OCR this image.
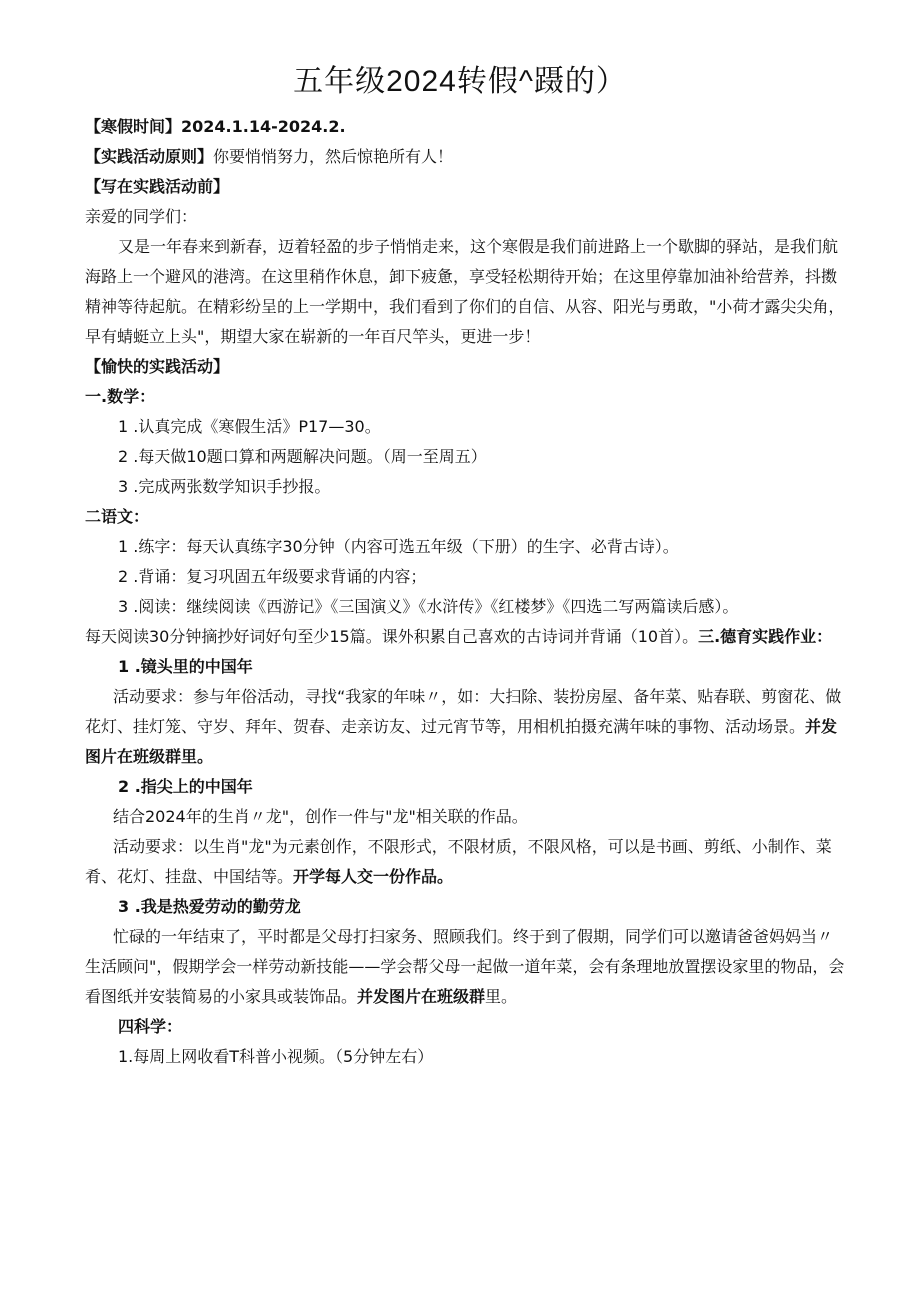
五年级2024转假^蹑的）

【寒假时间】2024.1.14-2024.2.

【实践活动原则】你要悄悄努力，然后惊艳所有人！

【写在实践活动前】

亲爱的同学们：

又是一年春来到新春，迈着轻盈的步子悄悄走来，这个寒假是我们前进路上一个歇脚的驿站，是我们航海路上一个避风的港湾。在这里稍作休息，卸下疲惫，享受轻松期待开始；在这里停靠加油补给营养，抖擞精神等待起航。在精彩纷呈的上一学期中，我们看到了你们的自信、从容、阳光与勇敢，"小荷才露尖尖角，早有蜻蜓立上头"，期望大家在崭新的一年百尺竿头，更进一步！

【愉快的实践活动】

一.数学：

1 .认真完成《寒假生活》P17—30。

2 .每天做10题口算和两题解决问题。（周一至周五）

3 .完成两张数学知识手抄报。

二语文：

1 .练字：每天认真练字30分钟（内容可选五年级（下册）的生字、必背古诗）。

2 .背诵：复习巩固五年级要求背诵的内容；

3 .阅读：继续阅读《西游记》《三国演义》《水浒传》《红楼梦》《四选二写两篇读后感）。

每天阅读30分钟摘抄好词好句至少15篇。课外积累自己喜欢的古诗词并背诵（10首）。三.德育实践作业：

1 .镜头里的中国年

活动要求：参与年俗活动，寻找“我家的年味〃，如：大扫除、装扮房屋、备年菜、贴春联、剪窗花、做花灯、挂灯笼、守岁、拜年、贺春、走亲访友、过元宵节等，用相机拍摄充满年味的事物、活动场景。并发图片在班级群里。

2 .指尖上的中国年

结合2024年的生肖〃龙"，创作一件与"龙"相关联的作品。

活动要求：以生肖"龙"为元素创作，不限形式，不限材质，不限风格，可以是书画、剪纸、小制作、菜肴、花灯、挂盘、中国结等。开学每人交一份作品。

3 .我是热爱劳动的勤劳龙

忙碌的一年结束了，平时都是父母打扫家务、照顾我们。终于到了假期，同学们可以邀请爸爸妈妈当〃生活顾问"，假期学会一样劳动新技能——学会帮父母一起做一道年菜，会有条理地放置摆设家里的物品，会看图纸并安装简易的小家具或装饰品。并发图片在班级群里。

四科学：

1.每周上网收看T科普小视频。（5分钟左右）
